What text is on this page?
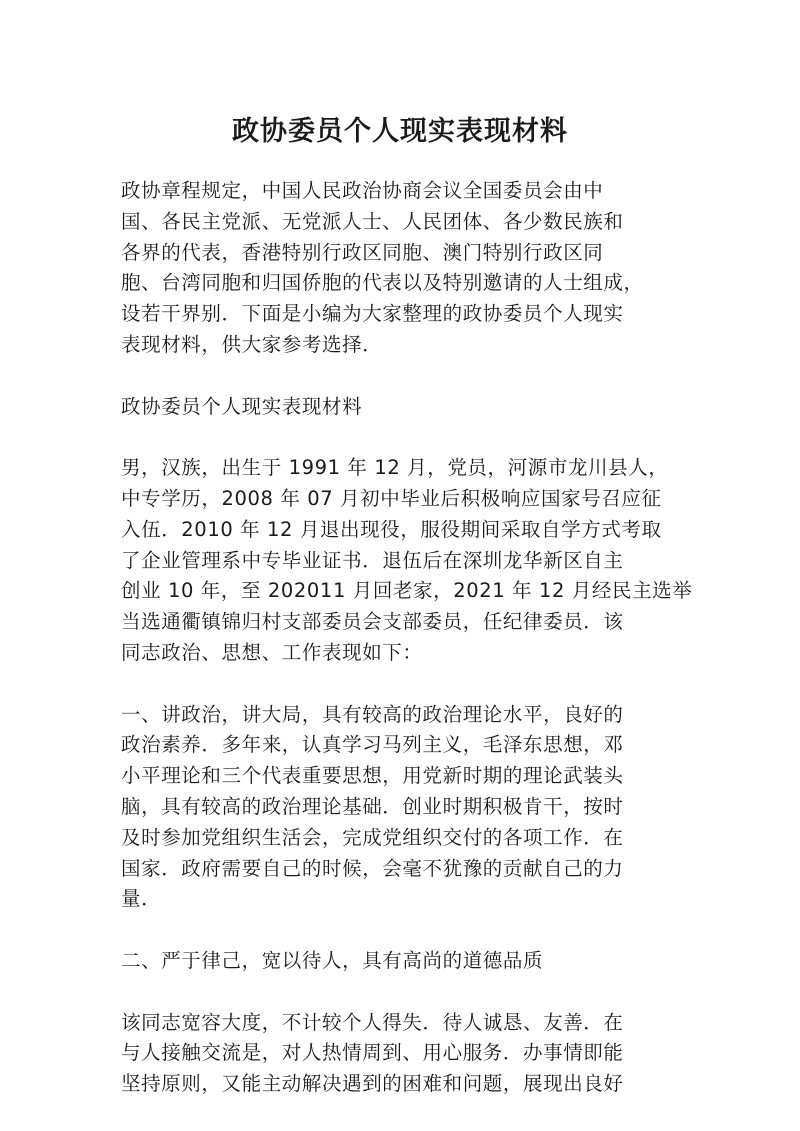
政协委员个人现实表现材料

政协章程规定，中国人民政治协商会议全国委员会由中
国、各民主党派、无党派人士、人民团体、各少数民族和
各界的代表，香港特别行政区同胞、澳门特别行政区同
胞、台湾同胞和归国侨胞的代表以及特别邀请的人士组成，
设若干界别．下面是小编为大家整理的政协委员个人现实
表现材料，供大家参考选择．

政协委员个人现实表现材料

男，汉族，出生于 1991 年 12 月，党员，河源市龙川县人，
中专学历，2008 年 07 月初中毕业后积极响应国家号召应征
入伍．2010 年 12 月退出现役，服役期间采取自学方式考取
了企业管理系中专毕业证书．退伍后在深圳龙华新区自主
创业 10 年，至 202011 月回老家，2021 年 12 月经民主选举
当选通衢镇锦归村支部委员会支部委员，任纪律委员．该
同志政治、思想、工作表现如下：

一、讲政治，讲大局，具有较高的政治理论水平，良好的
政治素养．多年来，认真学习马列主义，毛泽东思想，邓
小平理论和三个代表重要思想，用党新时期的理论武装头
脑，具有较高的政治理论基础．创业时期积极肯干，按时
及时参加党组织生活会，完成党组织交付的各项工作．在
国家．政府需要自己的时候，会毫不犹豫的贡献自己的力
量．

二、严于律己，宽以待人，具有高尚的道德品质

该同志宽容大度，不计较个人得失．待人诚恳、友善．在
与人接触交流是，对人热情周到、用心服务．办事情即能
坚持原则，又能主动解决遇到的困难和问题，展现出良好
